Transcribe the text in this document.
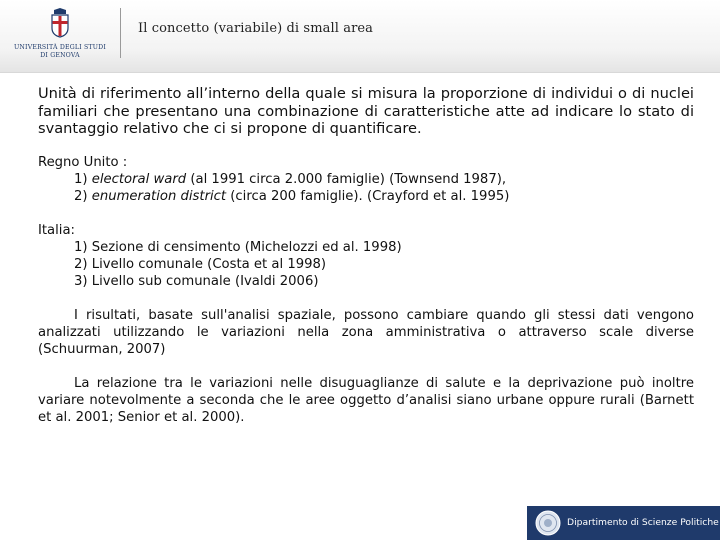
UNIVERSITÀ DEGLI STUDI
DI GENOVA
Il concetto (variabile) di small area

Unità di riferimento all’interno della quale si misura la proporzione di individui o di nuclei familiari che presentano una combinazione di caratteristiche atte ad indicare lo stato di svantaggio relativo che ci si propone di quantificare.

Regno Unito :

1) electoral ward (al 1991 circa 2.000 famiglie) (Townsend 1987),
2) enumeration district (circa 200 famiglie). (Crayford et al. 1995)

Italia:

1) Sezione di censimento (Michelozzi ed al. 1998)
2) Livello comunale (Costa et al 1998)
3) Livello sub comunale (Ivaldi 2006)

I risultati, basate sull'analisi spaziale, possono cambiare quando gli stessi dati vengono analizzati utilizzando le variazioni nella zona amministrativa o attraverso scale diverse (Schuurman, 2007)

La relazione tra le variazioni nelle disuguaglianze di salute e la deprivazione può inoltre variare notevolmente a seconda che le aree oggetto d’analisi siano urbane oppure rurali (Barnett et al. 2001; Senior et al. 2000).

Dipartimento di Scienze Politiche
